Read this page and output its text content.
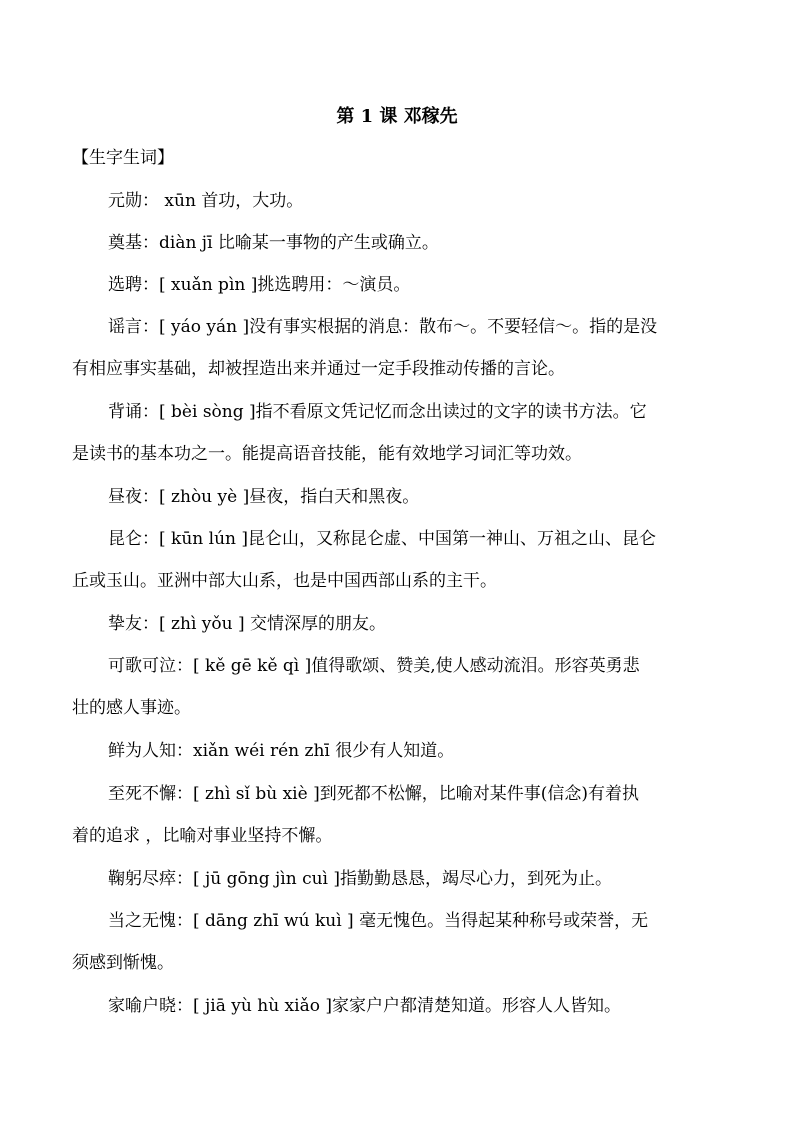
第 1 课 邓稼先
【生字生词】
元勋： xūn 首功，大功。
奠基：diàn jī 比喻某一事物的产生或确立。
选聘：[ xuǎn pìn ]挑选聘用：～演员。
谣言：[ yáo yán ]没有事实根据的消息：散布～。不要轻信～。指的是没
有相应事实基础，却被捏造出来并通过一定手段推动传播的言论。
背诵：[ bèi sòng ]指不看原文凭记忆而念出读过的文字的读书方法。它
是读书的基本功之一。能提高语音技能，能有效地学习词汇等功效。
昼夜：[ zhòu yè ]昼夜，指白天和黑夜。
昆仑：[ kūn lún ]昆仑山，又称昆仑虚、中国第一神山、万祖之山、昆仑
丘或玉山。亚洲中部大山系，也是中国西部山系的主干。
挚友：[ zhì yǒu ] 交情深厚的朋友。
可歌可泣：[ kě gē kě qì ]值得歌颂、赞美,使人感动流泪。形容英勇悲
壮的感人事迹。
鲜为人知：xiǎn wéi rén zhī 很少有人知道。
至死不懈：[ zhì sǐ bù xiè ]到死都不松懈，比喻对某件事(信念)有着执
着的追求 ，比喻对事业坚持不懈。
鞠躬尽瘁：[ jū gōng jìn cuì ]指勤勤恳恳，竭尽心力，到死为止。
当之无愧：[ dāng zhī wú kuì ] 毫无愧色。当得起某种称号或荣誉，无
须感到惭愧。
家喻户晓：[ jiā yù hù xiǎo ]家家户户都清楚知道。形容人人皆知。
